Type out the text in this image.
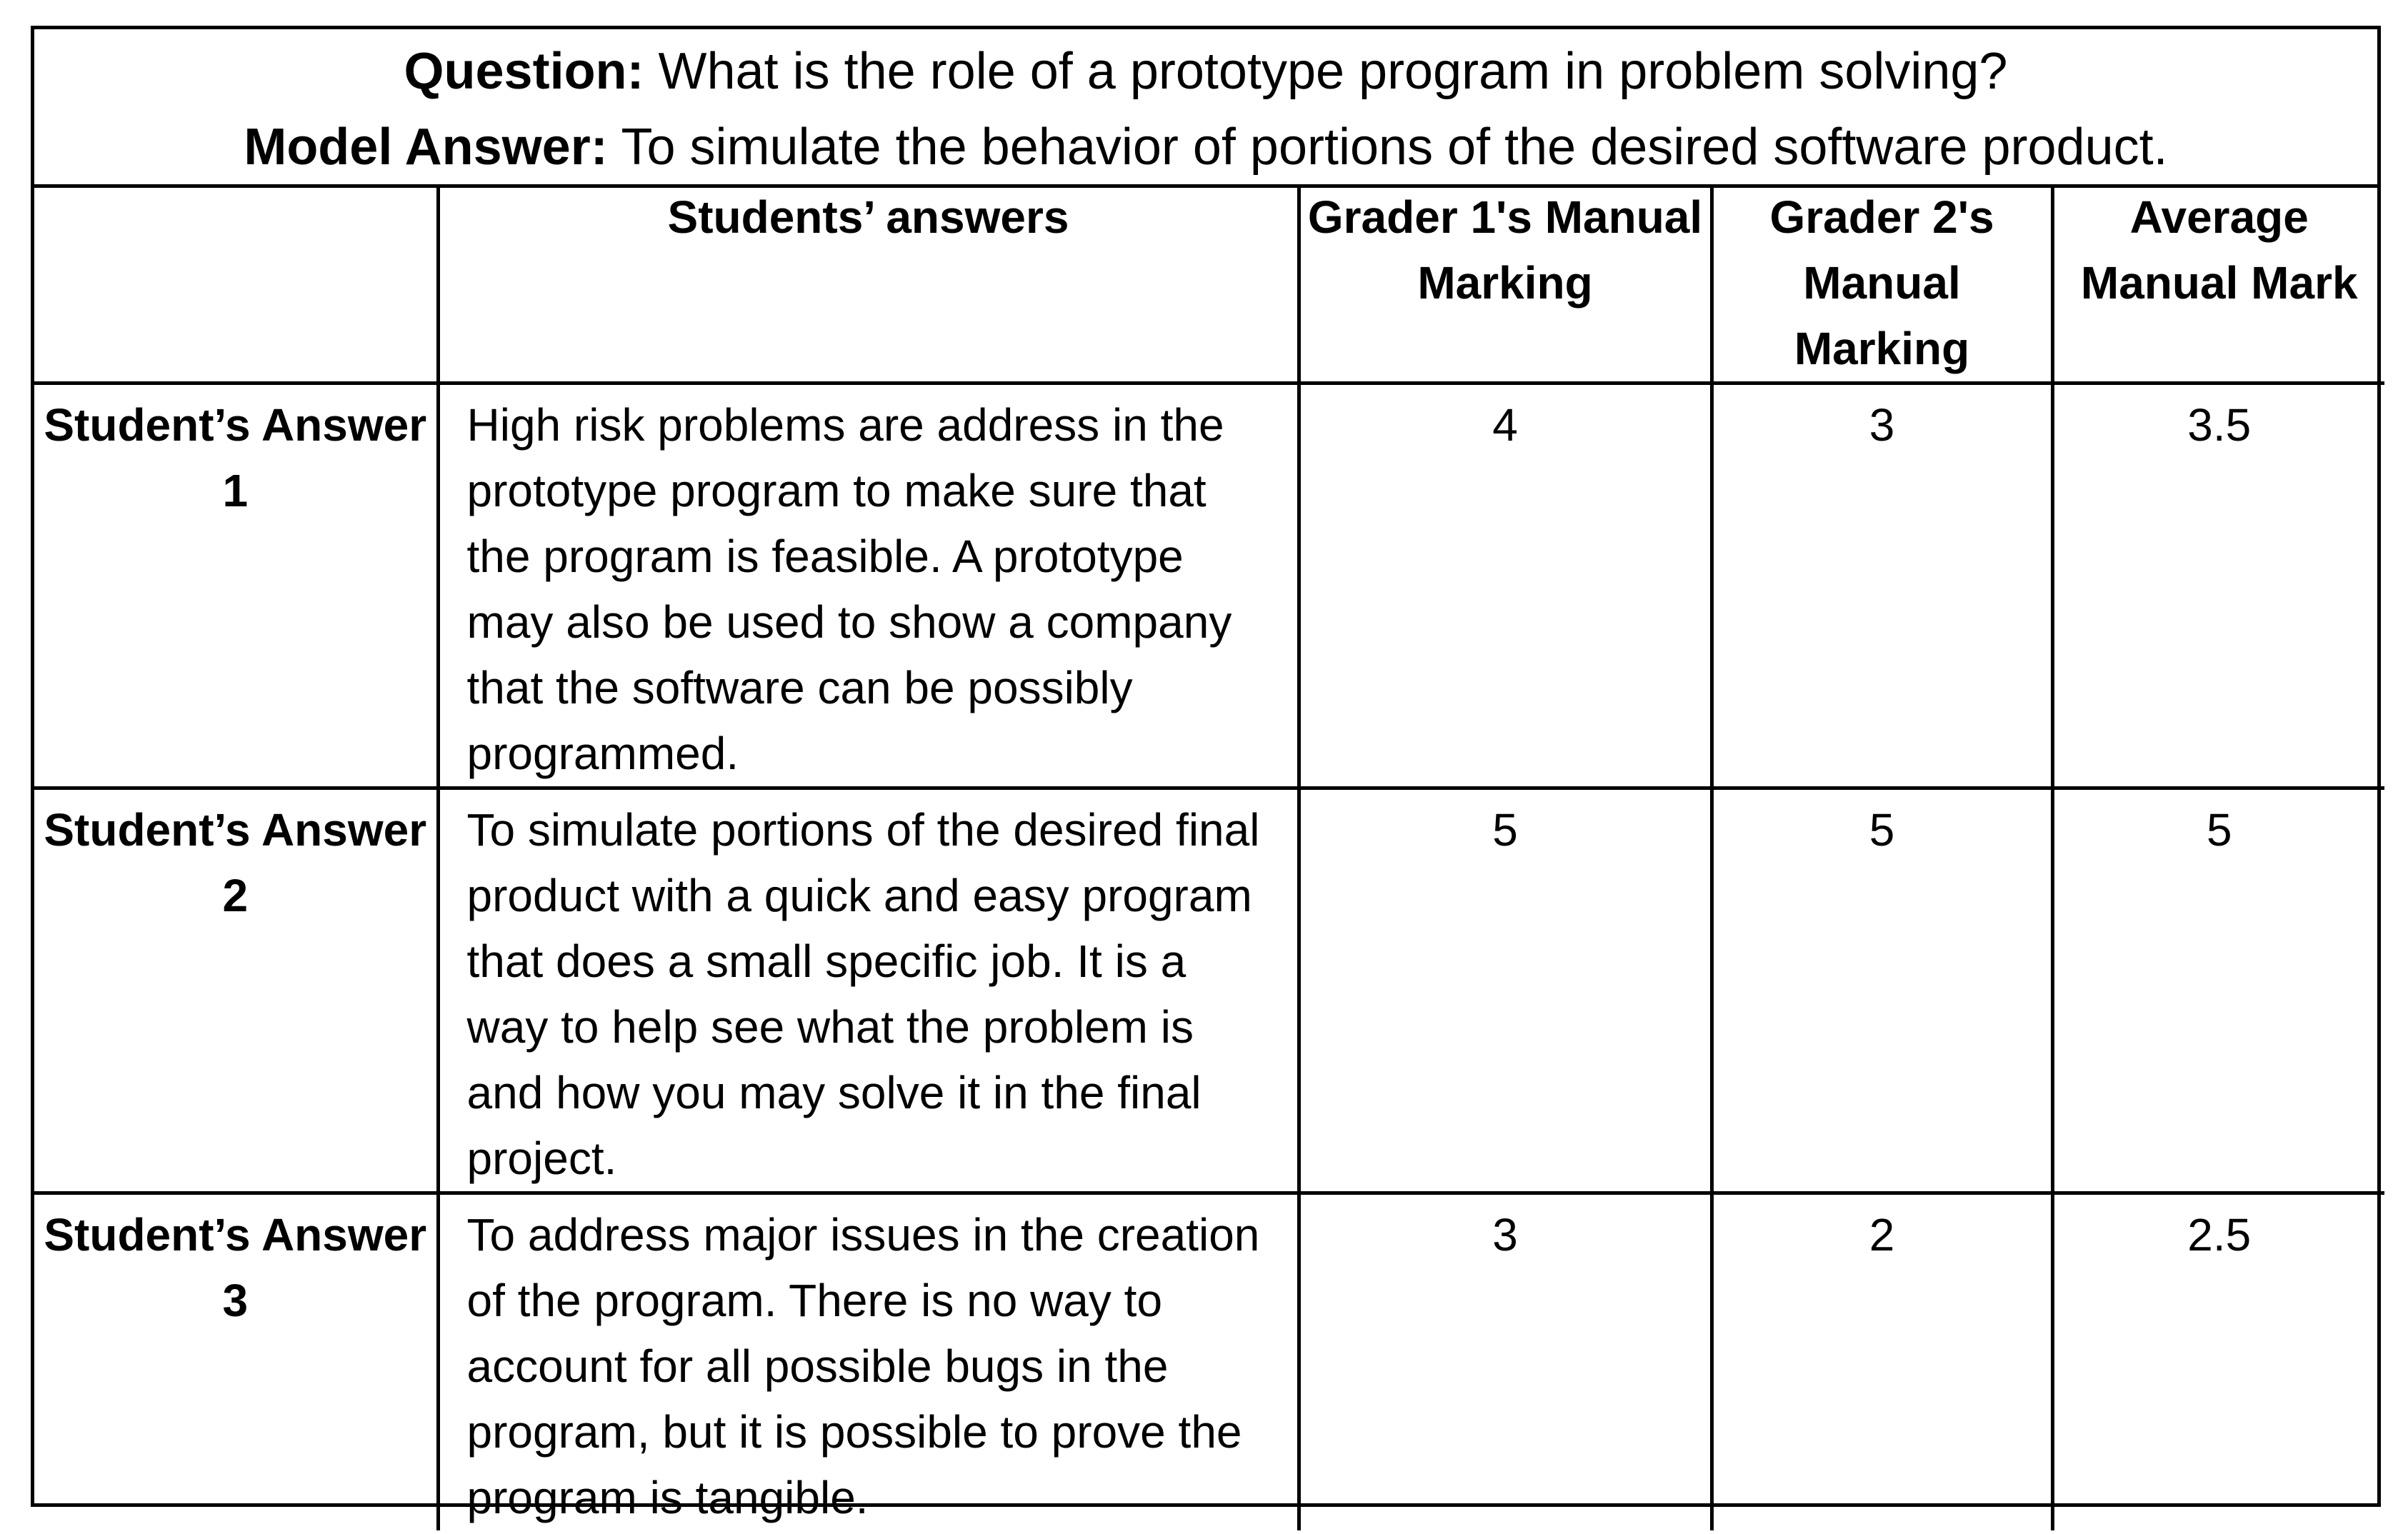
Question: What is the role of a prototype program in problem solving?
Model Answer: To simulate the behavior of portions of the desired software product.
	Students’ answers	Grader 1's Manual Marking	Grader 2's Manual Marking	Average Manual Mark
Student’s Answer 1	High risk problems are address in the prototype program to make sure that the program is feasible. A prototype may also be used to show a company that the software can be possibly programmed.	4	3	3.5
Student’s Answer 2	To simulate portions of the desired final product with a quick and easy program that does a small specific job. It is a way to help see what the problem is and how you may solve it in the final project.	5	5	5
Student’s Answer 3	To address major issues in the creation of the program. There is no way to account for all possible bugs in the program, but it is possible to prove the program is tangible.	3	2	2.5
